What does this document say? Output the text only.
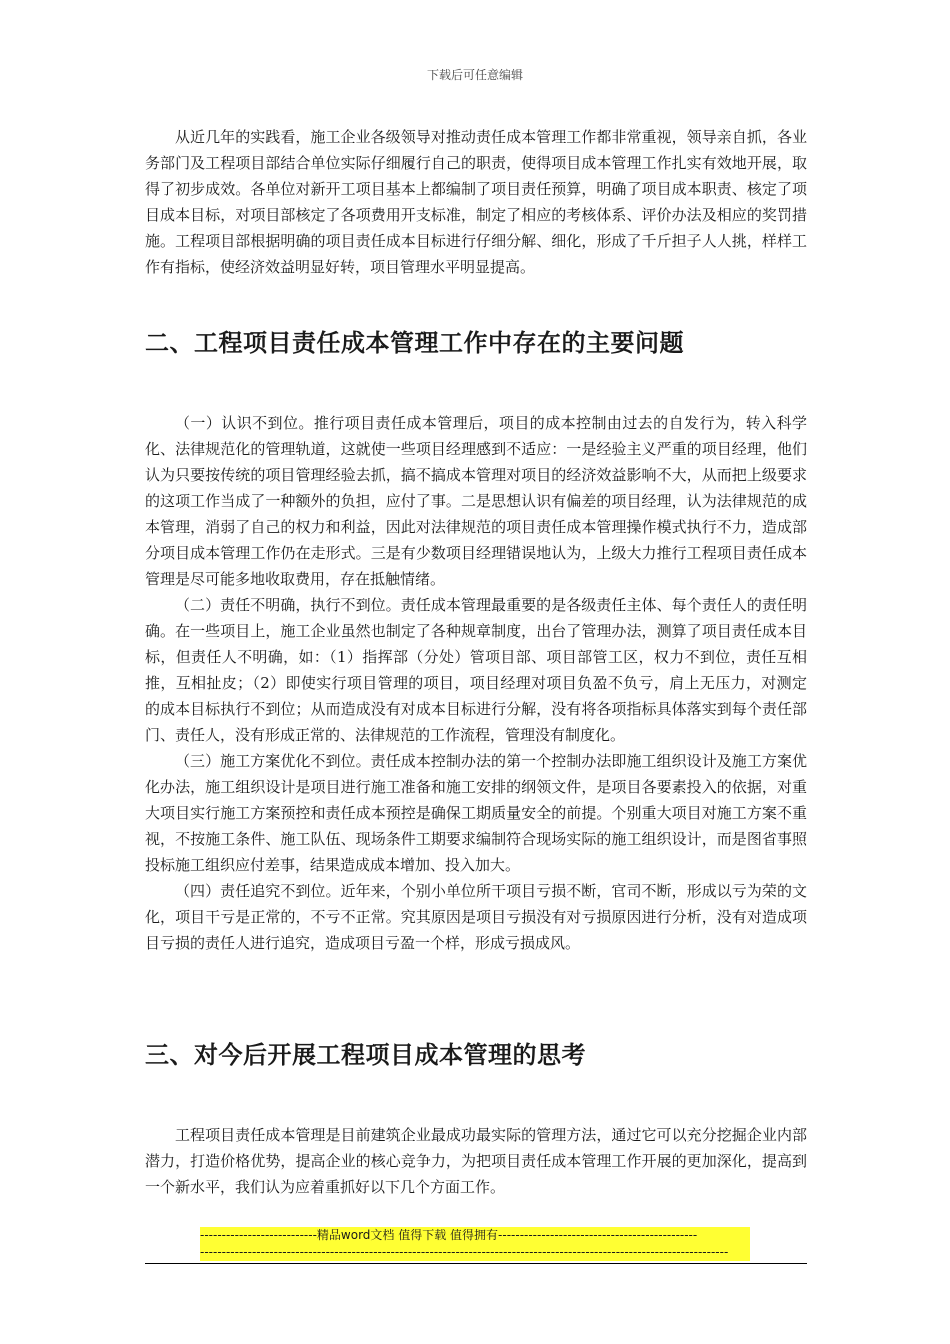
下载后可任意编辑

从近几年的实践看，施工企业各级领导对推动责任成本管理工作都非常重视，领导亲自抓，各业务部门及工程项目部结合单位实际仔细履行自己的职责，使得项目成本管理工作扎实有效地开展，取得了初步成效。各单位对新开工项目基本上都编制了项目责任预算，明确了项目成本职责、核定了项目成本目标，对项目部核定了各项费用开支标准，制定了相应的考核体系、评价办法及相应的奖罚措施。工程项目部根据明确的项目责任成本目标进行仔细分解、细化，形成了千斤担子人人挑，样样工作有指标，使经济效益明显好转，项目管理水平明显提高。

二、工程项目责任成本管理工作中存在的主要问题

（一）认识不到位。推行项目责任成本管理后，项目的成本控制由过去的自发行为，转入科学化、法律规范化的管理轨道，这就使一些项目经理感到不适应：一是经验主义严重的项目经理，他们认为只要按传统的项目管理经验去抓，搞不搞成本管理对项目的经济效益影响不大，从而把上级要求的这项工作当成了一种额外的负担，应付了事。二是思想认识有偏差的项目经理，认为法律规范的成本管理，消弱了自己的权力和利益，因此对法律规范的项目责任成本管理操作模式执行不力，造成部分项目成本管理工作仍在走形式。三是有少数项目经理错误地认为，上级大力推行工程项目责任成本管理是尽可能多地收取费用，存在抵触情绪。

（二）责任不明确，执行不到位。责任成本管理最重要的是各级责任主体、每个责任人的责任明确。在一些项目上，施工企业虽然也制定了各种规章制度，出台了管理办法，测算了项目责任成本目标，但责任人不明确，如：（1）指挥部（分处）管项目部、项目部管工区，权力不到位，责任互相推，互相扯皮；（2）即使实行项目管理的项目，项目经理对项目负盈不负亏，肩上无压力，对测定的成本目标执行不到位；从而造成没有对成本目标进行分解，没有将各项指标具体落实到每个责任部门、责任人，没有形成正常的、法律规范的工作流程，管理没有制度化。

（三）施工方案优化不到位。责任成本控制办法的第一个控制办法即施工组织设计及施工方案优化办法，施工组织设计是项目进行施工准备和施工安排的纲领文件，是项目各要素投入的依据，对重大项目实行施工方案预控和责任成本预控是确保工期质量安全的前提。个别重大项目对施工方案不重视，不按施工条件、施工队伍、现场条件工期要求编制符合现场实际的施工组织设计，而是图省事照投标施工组织应付差事，结果造成成本增加、投入加大。

（四）责任追究不到位。近年来，个别小单位所干项目亏损不断，官司不断，形成以亏为荣的文化，项目干亏是正常的，不亏不正常。究其原因是项目亏损没有对亏损原因进行分析，没有对造成项目亏损的责任人进行追究，造成项目亏盈一个样，形成亏损成风。

三、对今后开展工程项目成本管理的思考

工程项目责任成本管理是目前建筑企业最成功最实际的管理方法，通过它可以充分挖掘企业内部潜力，打造价格优势，提高企业的核心竞争力，为把项目责任成本管理工作开展的更加深化，提高到一个新水平，我们认为应着重抓好以下几个方面工作。

---------------------------精品word文档 值得下载 值得拥有----------------------------------------------
--------------------------------------------------------------------------------------------------------------------------
